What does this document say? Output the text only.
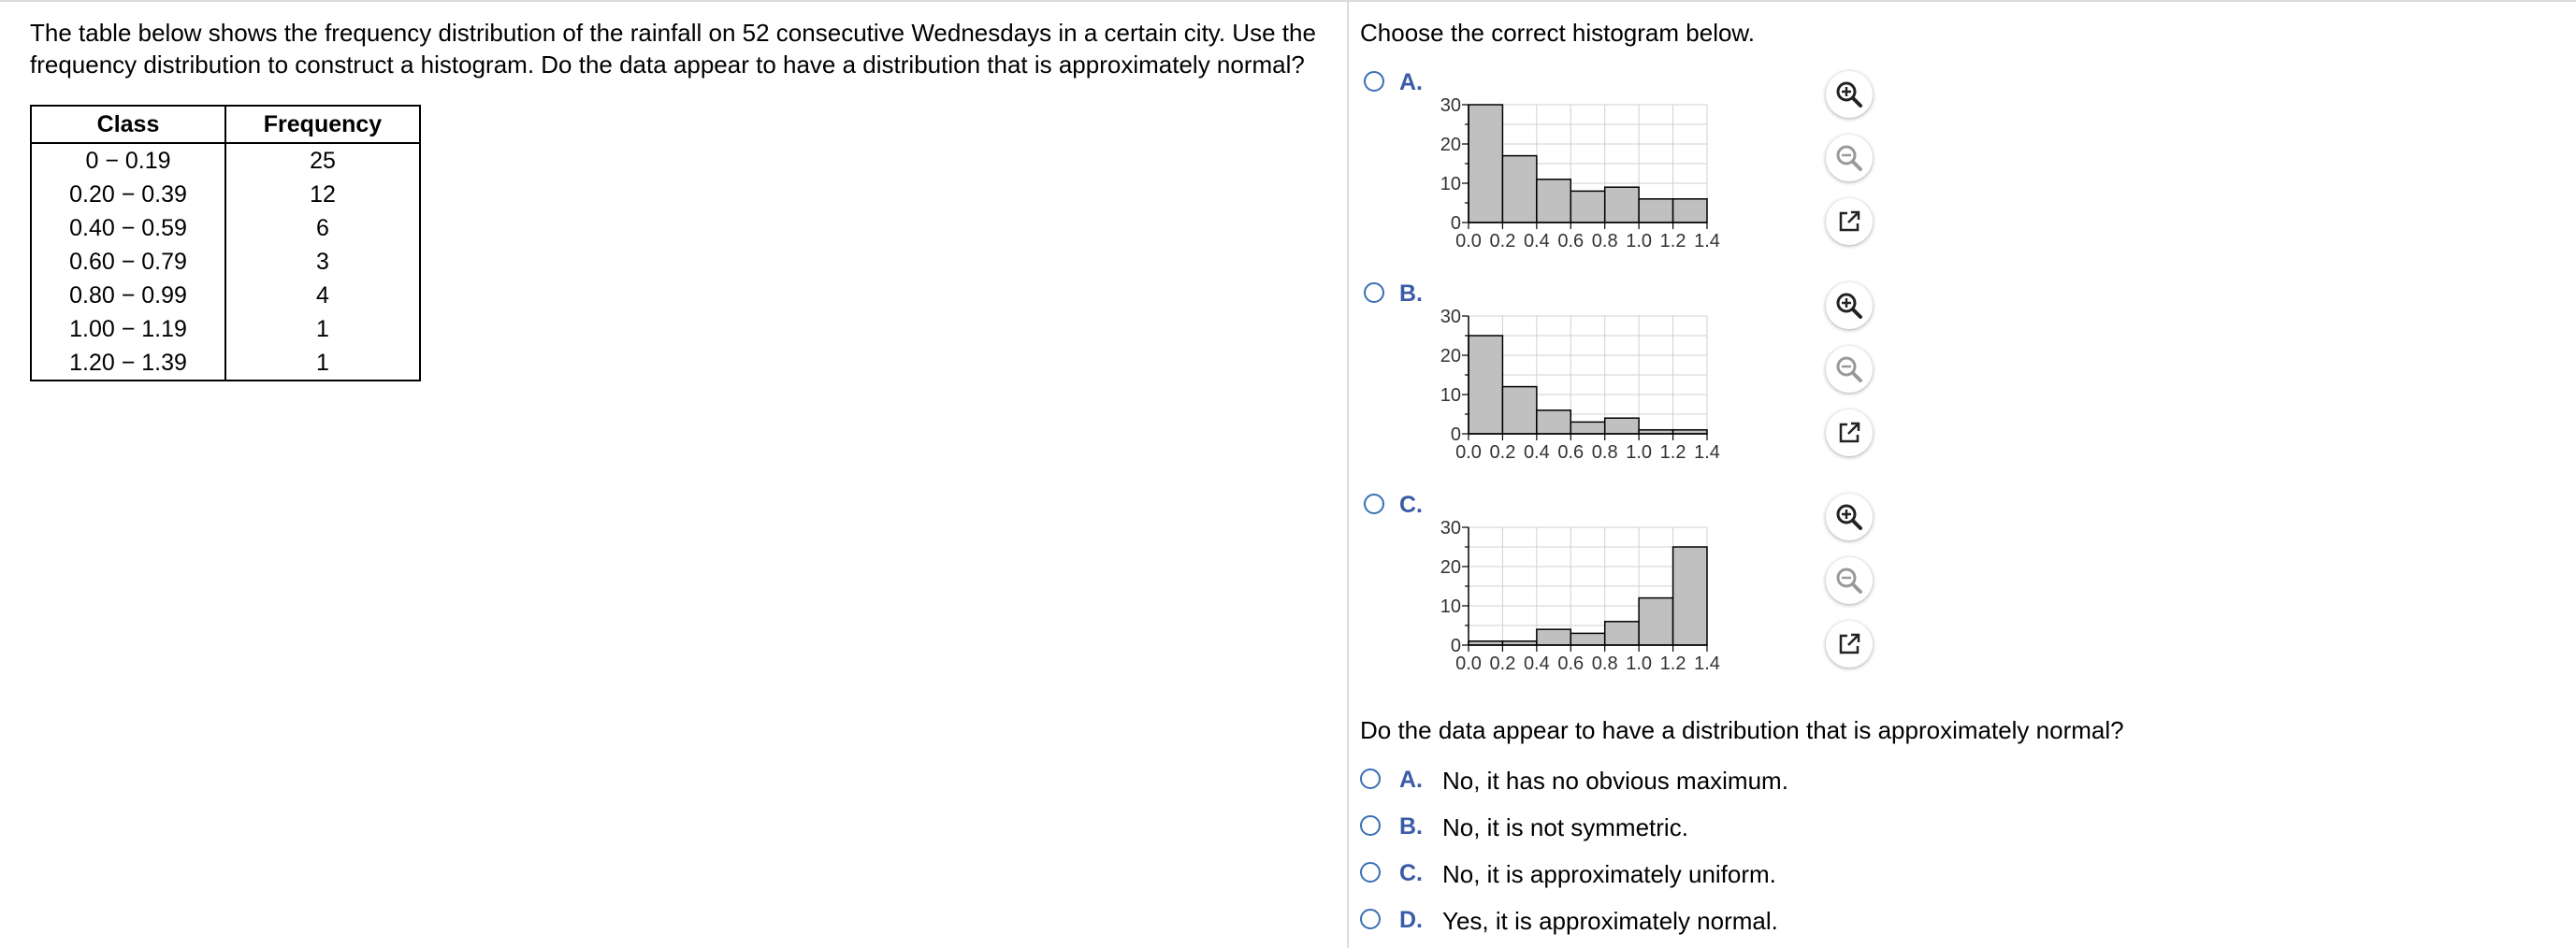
The table below shows the frequency distribution of the rainfall on 52 consecutive Wednesdays in a certain city. Use the frequency distribution to construct a histogram. Do the data appear to have a distribution that is approximately normal?

Class	Frequency
0 − 0.19	25
0.20 − 0.39	12
0.40 − 0.59	6
0.60 − 0.79	3
0.80 − 0.99	4
1.00 − 1.19	1
1.20 − 1.39	1
Choose the correct histogram below.
A.
B.
C.
0
10
20
30
0.0 0.2 0.4 0.6 0.8 1.0 1.2 1.4
0
10
20
30
0.0 0.2 0.4 0.6 0.8 1.0 1.2 1.4
0
10
20
30
0.0 0.2 0.4 0.6 0.8 1.0 1.2 1.4
Do the data appear to have a distribution that is approximately normal?
A. No, it has no obvious maximum.
B. No, it is not symmetric.
C. No, it is approximately uniform.
D. Yes, it is approximately normal.
